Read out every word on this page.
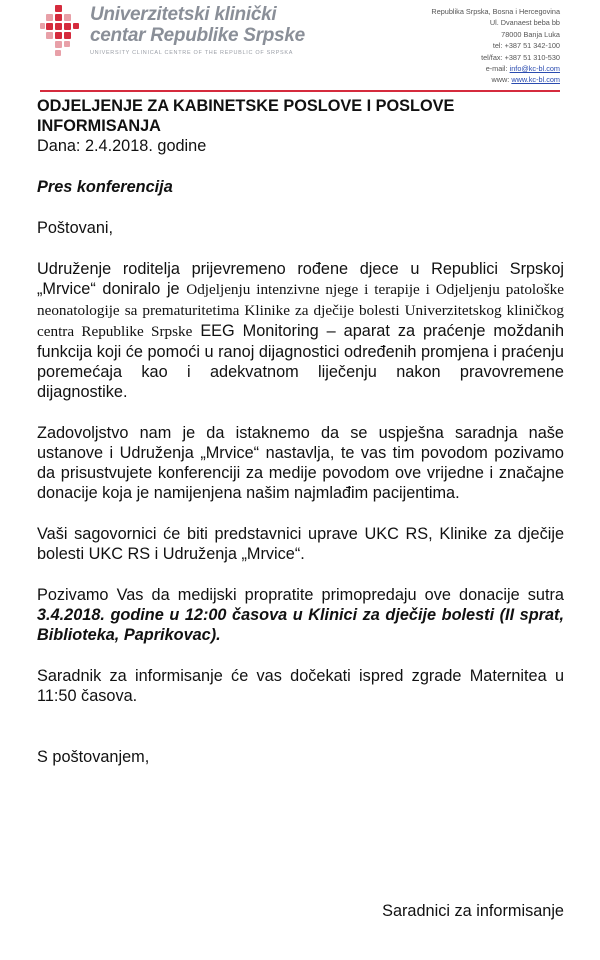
Univerzitetski klinički
centar Republike Srpske
UNIVERSITY CLINICAL CENTRE OF THE REPUBLIC OF SRPSKA
Republika Srpska, Bosna i Hercegovina
Ul. Dvanaest beba bb
78000 Banja Luka
tel: +387 51 342-100
tel/fax: +387 51 310-530
e-mail: info@kc-bl.com
www: www.kc-bl.com

ODJELJENJE ZA KABINETSKE POSLOVE I POSLOVE INFORMISANJA

Dana: 2.4.2018. godine

Pres konferencija

Poštovani,

Udruženje roditelja prijevremeno rođene djece u Republici Srpskoj „Mrvice“ doniralo je Odjeljenju intenzivne njege i terapije i Odjeljenju patološke neonatologije sa prematuritetima Klinike za dječije bolesti Univerzitetskog kliničkog centra Republike Srpske EEG Monitoring – aparat za praćenje moždanih funkcija koji će pomoći u ranoj dijagnostici određenih promjena i praćenju poremećaja kao i adekvatnom liječenju nakon pravovremene dijagnostike.

Zadovoljstvo nam je da istaknemo da se uspješna saradnja naše ustanove i Udruženja „Mrvice“ nastavlja, te vas tim povodom pozivamo da prisustvujete konferenciji za medije povodom ove vrijedne i značajne donacije koja je namijenjena našim najmlađim pacijentima.

Vaši sagovornici će biti predstavnici uprave UKC RS, Klinike za dječije bolesti UKC RS i Udruženja „Mrvice“.

Pozivamo Vas da medijski propratite primopredaju ove donacije sutra 3.4.2018. godine u 12:00 časova u Klinici za dječije bolesti (II sprat, Biblioteka, Paprikovac).

Saradnik za informisanje će vas dočekati ispred zgrade Maternitea u 11:50 časova.

S poštovanjem,

Saradnici za informisanje
